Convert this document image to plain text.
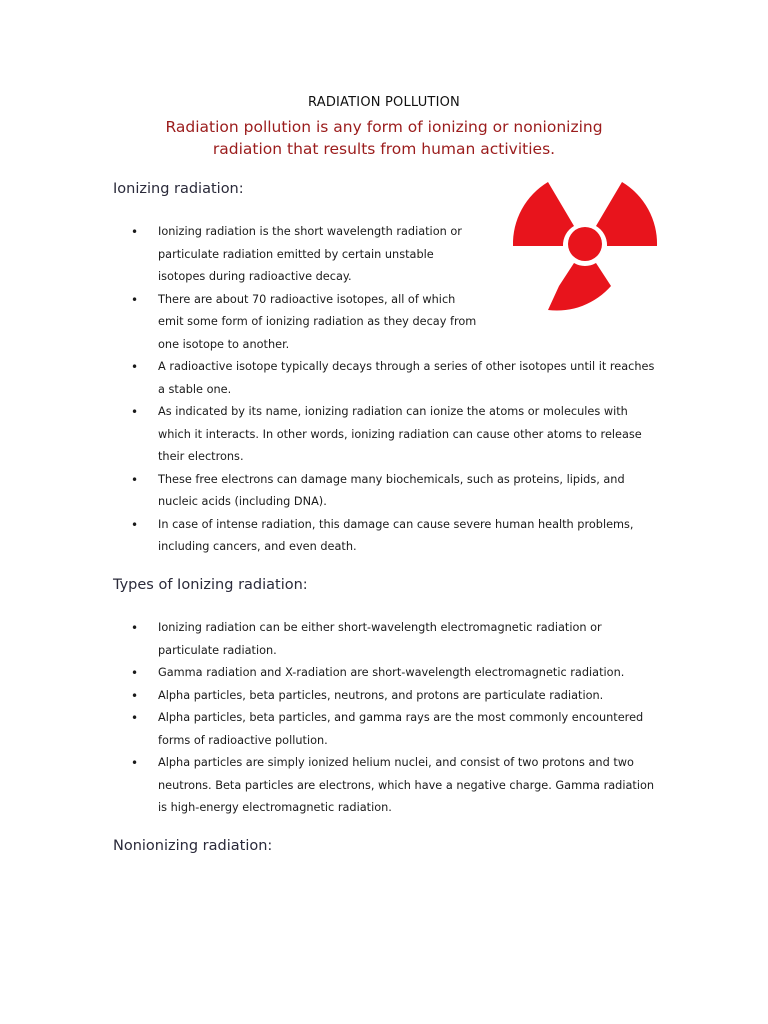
RADIATION POLLUTION
Radiation pollution is any form of ionizing or nonionizing
radiation that results from human activities.
Ionizing radiation:
• Ionizing radiation is the short wavelength radiation or particulate radiation emitted by certain unstable isotopes during radioactive decay.
• There are about 70 radioactive isotopes, all of which emit some form of ionizing radiation as they decay from one isotope to another.
• A radioactive isotope typically decays through a series of other isotopes until it reaches a stable one.
• As indicated by its name, ionizing radiation can ionize the atoms or molecules with which it interacts. In other words, ionizing radiation can cause other atoms to release their electrons.
• These free electrons can damage many biochemicals, such as proteins, lipids, and nucleic acids (including DNA).
• In case of intense radiation, this damage can cause severe human health problems, including cancers, and even death.
Types of Ionizing radiation:
• Ionizing radiation can be either short-wavelength electromagnetic radiation or particulate radiation.
• Gamma radiation and X-radiation are short-wavelength electromagnetic radiation.
• Alpha particles, beta particles, neutrons, and protons are particulate radiation.
• Alpha particles, beta particles, and gamma rays are the most commonly encountered forms of radioactive pollution.
• Alpha particles are simply ionized helium nuclei, and consist of two protons and two neutrons. Beta particles are electrons, which have a negative charge. Gamma radiation is high-energy electromagnetic radiation.
Nonionizing radiation:
